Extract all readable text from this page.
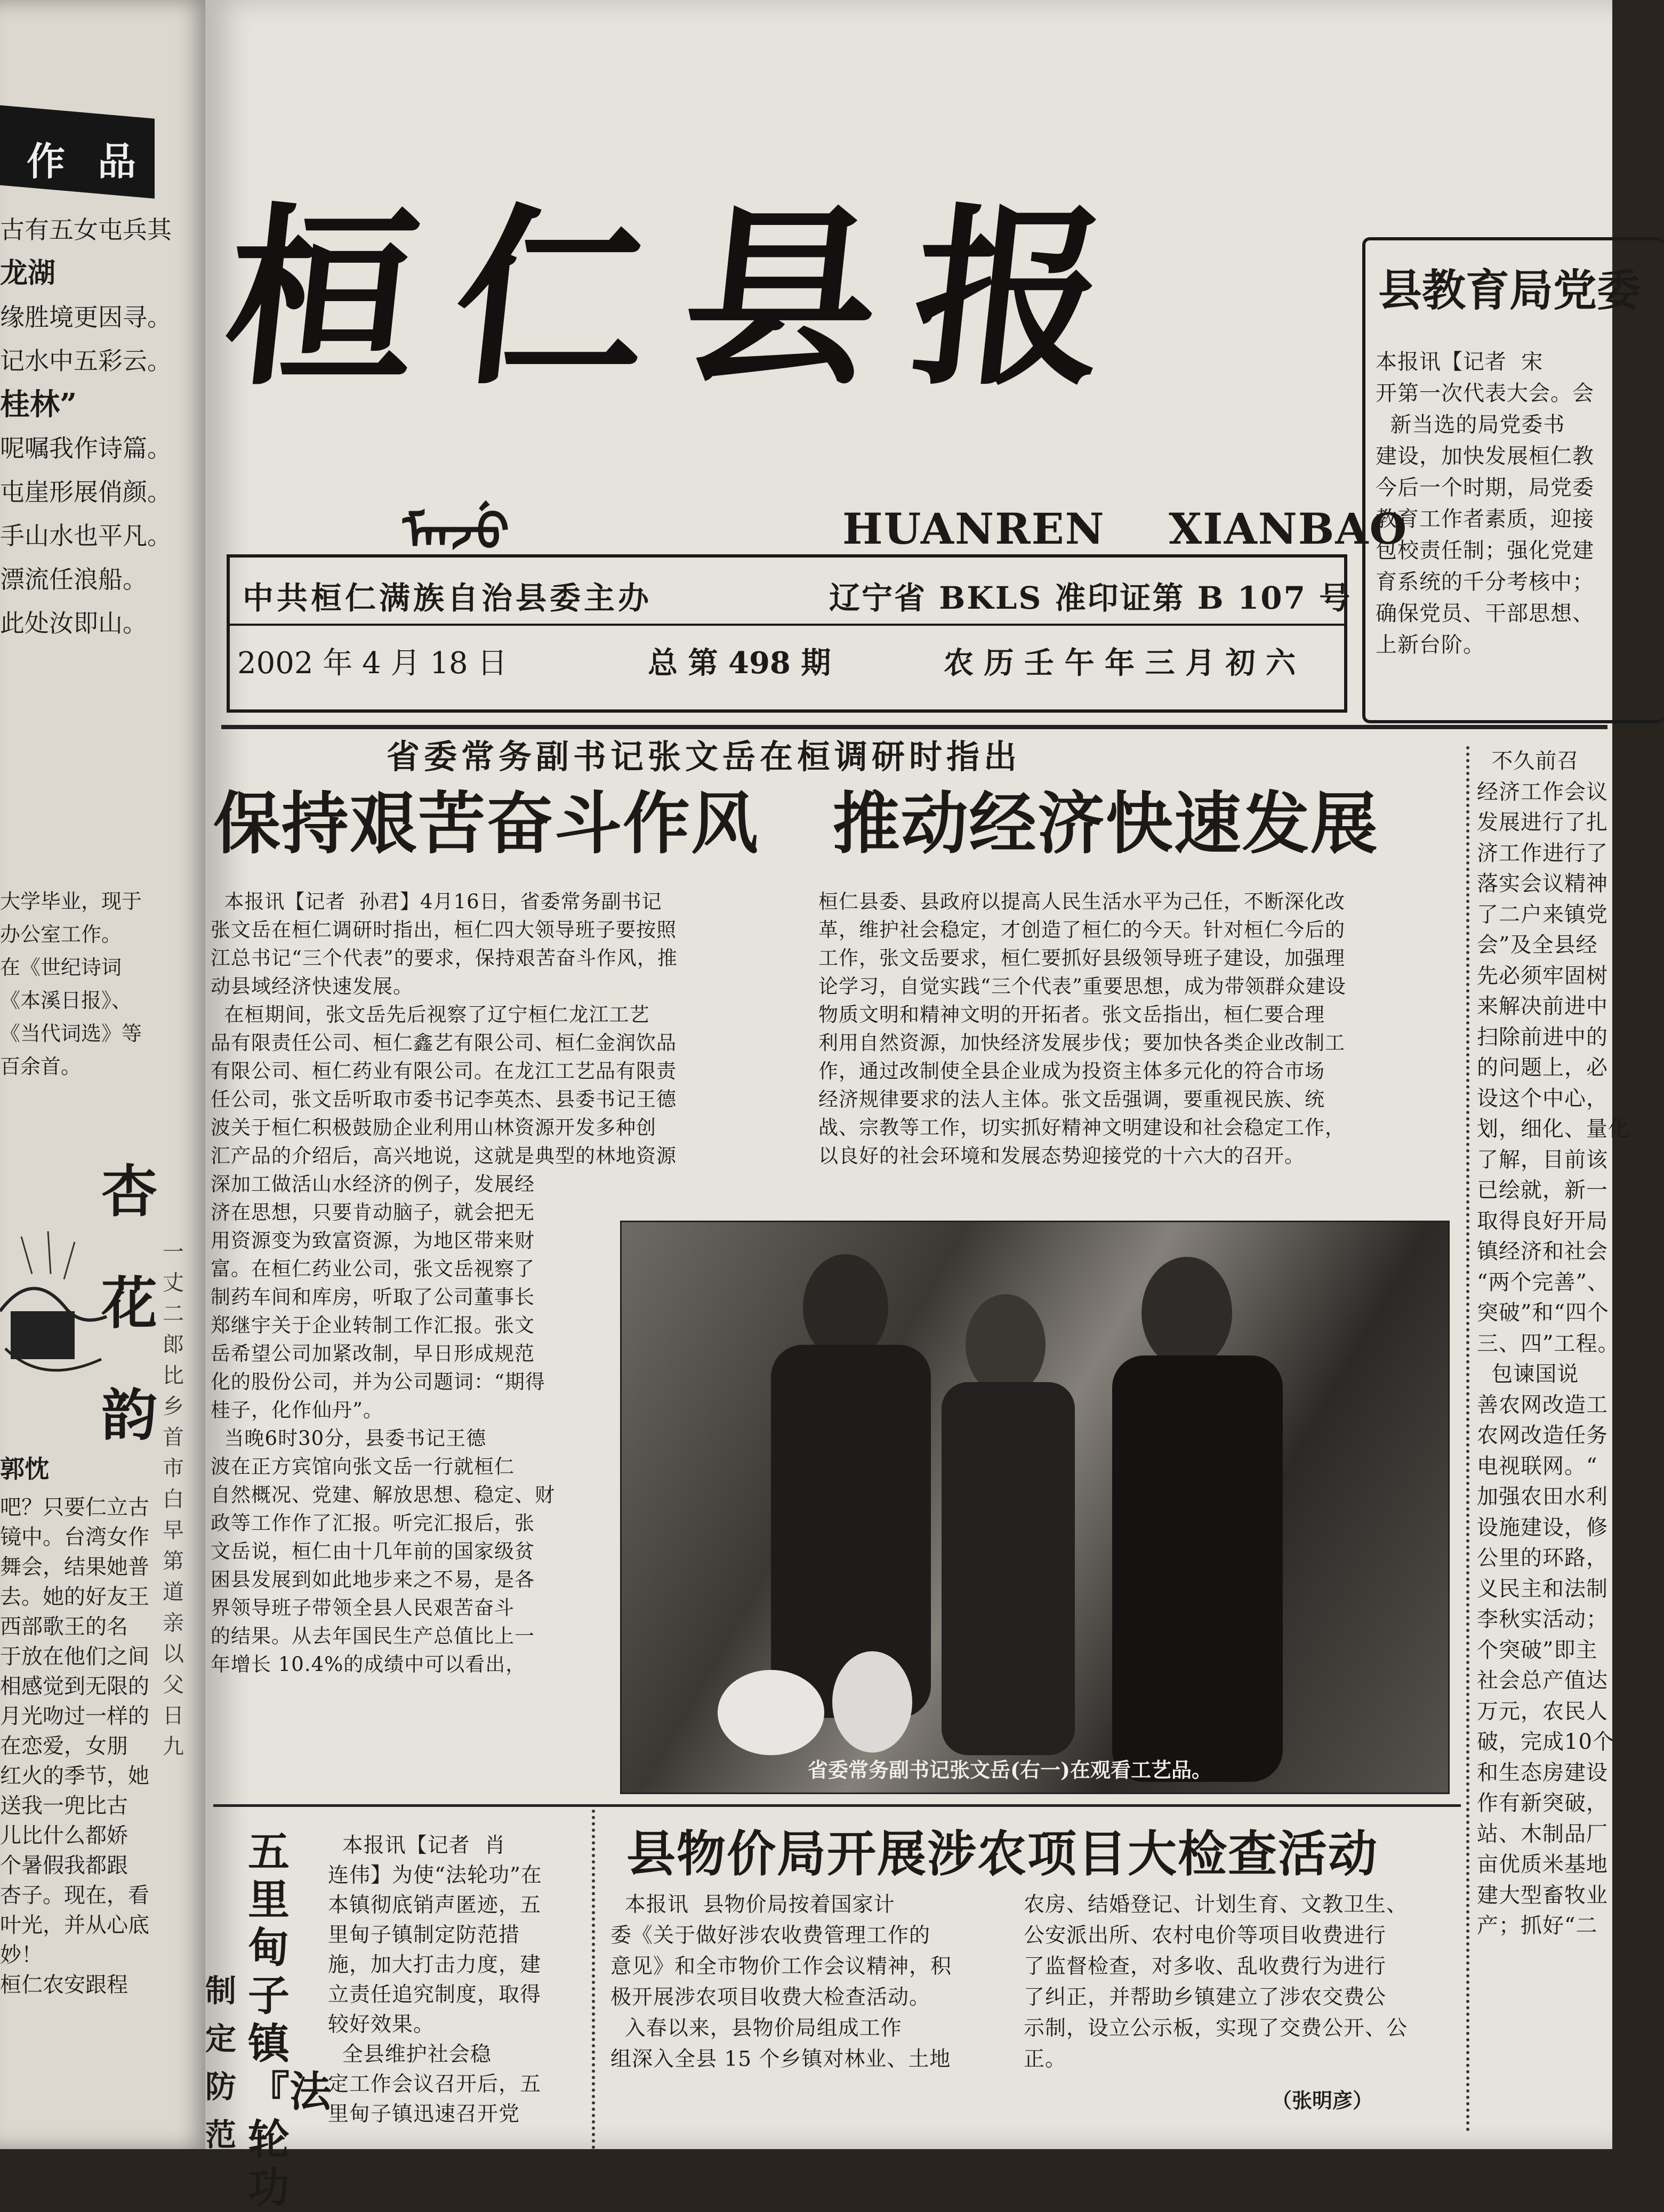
作 品
古有五女屯兵其
龙湖
缘胜境更因寻。
记水中五彩云。
桂林”
呢嘱我作诗篇。
屯崖形展俏颜。
手山水也平凡。
漂流任浪船。
此处汝即山。
大学毕业，现于
办公室工作。
在《世纪诗词
《本溪日报》、
《当代词选》等
百余首。
杏
花
韵
郭忱
吧？只要仁立古
镜中。台湾女作
舞会，结果她普
去。她的好友王
西部歌王的名
于放在他们之间
相感觉到无限的
月光吻过一样的
在恋爱，女朋
红火的季节，她
送我一兜比古
儿比什么都娇
个暑假我都跟
杏子。现在，看
叶光，并从心底
妙！
桓仁农安跟程
一丈二郎 比乡 首 市 白 早 第 道 亲 以 父 日 九
桓仁县报
ᠮᠠᠨᠵᡠ	HUANREN    XIANBAO
中共桓仁满族自治县委主办	辽宁省 BKLS 准印证第 B 107 号
2002 年 4 月 18 日	总 第 498 期	农 历 壬 午 年 三 月 初 六
县教育局党委
本报讯【记者  宋
开第一次代表大会。会
新当选的局党委书
建设，加快发展桓仁教
今后一个时期，局党委
教育工作者素质，迎接
包校责任制；强化党建
育系统的千分考核中；
确保党员、干部思想、
上新台阶。
省委常务副书记张文岳在桓调研时指出
保持艰苦奋斗作风   推动经济快速发展
本报讯【记者  孙君】4月16日，省委常务副书记
张文岳在桓仁调研时指出，桓仁四大领导班子要按照
江总书记“三个代表”的要求，保持艰苦奋斗作风，推
动县域经济快速发展。
在桓期间，张文岳先后视察了辽宁桓仁龙江工艺
品有限责任公司、桓仁鑫艺有限公司、桓仁金润饮品
有限公司、桓仁药业有限公司。在龙江工艺品有限责
任公司，张文岳听取市委书记李英杰、县委书记王德
波关于桓仁积极鼓励企业利用山林资源开发多种创
汇产品的介绍后，高兴地说，这就是典型的林地资源
深加工做活山水经济的例子，发展经
济在思想，只要肯动脑子，就会把无
用资源变为致富资源，为地区带来财
富。在桓仁药业公司，张文岳视察了
制药车间和库房，听取了公司董事长
郑继宇关于企业转制工作汇报。张文
岳希望公司加紧改制，早日形成规范
化的股份公司，并为公司题词：“期得
桂子，化作仙丹”。
当晚6时30分，县委书记王德
波在正方宾馆向张文岳一行就桓仁
自然概况、党建、解放思想、稳定、财
政等工作作了汇报。听完汇报后，张
文岳说，桓仁由十几年前的国家级贫
困县发展到如此地步来之不易，是各
界领导班子带领全县人民艰苦奋斗
的结果。从去年国民生产总值比上一
年增长 10.4%的成绩中可以看出，
桓仁县委、县政府以提高人民生活水平为己任，不断深化改
革，维护社会稳定，才创造了桓仁的今天。针对桓仁今后的
工作，张文岳要求，桓仁要抓好县级领导班子建设，加强理
论学习，自觉实践“三个代表”重要思想，成为带领群众建设
物质文明和精神文明的开拓者。张文岳指出，桓仁要合理
利用自然资源，加快经济发展步伐；要加快各类企业改制工
作，通过改制使全县企业成为投资主体多元化的符合市场
经济规律要求的法人主体。张文岳强调，要重视民族、统
战、宗教等工作，切实抓好精神文明建设和社会稳定工作，
以良好的社会环境和发展态势迎接党的十六大的召开。
省委常务副书记张文岳(右一)在观看工艺品。
不久前召
经济工作会议
发展进行了扎
济工作进行了
落实会议精神
了二户来镇党
会”及全县经
先必须牢固树
来解决前进中
扫除前进中的
的问题上，必
设这个中心，
划，细化、量化
了解，目前该
已绘就，新一
取得良好开局
镇经济和社会
“两个完善”、
突破”和“四个
三、四”工程。
包谏国说
善农网改造工
农网改造任务
电视联网。“
加强农田水利
设施建设，修
公里的环路，
义民主和法制
李秋实活动；
个突破”即主
社会总产值达
万元，农民人
破，完成10个
和生态房建设
作有新突破，
站、木制品厂
亩优质米基地
建大型畜牧业
产；抓好“二
五里甸子镇『法轮功
制定防范
本报讯【记者  肖
连伟】为使“法轮功”在
本镇彻底销声匿迹，五
里甸子镇制定防范措
施，加大打击力度，建
立责任追究制度，取得
较好效果。
全县维护社会稳
定工作会议召开后，五
里甸子镇迅速召开党
县物价局开展涉农项目大检查活动
本报讯  县物价局按着国家计
委《关于做好涉农收费管理工作的
意见》和全市物价工作会议精神，积
极开展涉农项目收费大检查活动。
入春以来，县物价局组成工作
组深入全县 15 个乡镇对林业、土地
农房、结婚登记、计划生育、文教卫生、
公安派出所、农村电价等项目收费进行
了监督检查，对多收、乱收费行为进行
了纠正，并帮助乡镇建立了涉农交费公
示制，设立公示板，实现了交费公开、公
正。
（张明彦）
